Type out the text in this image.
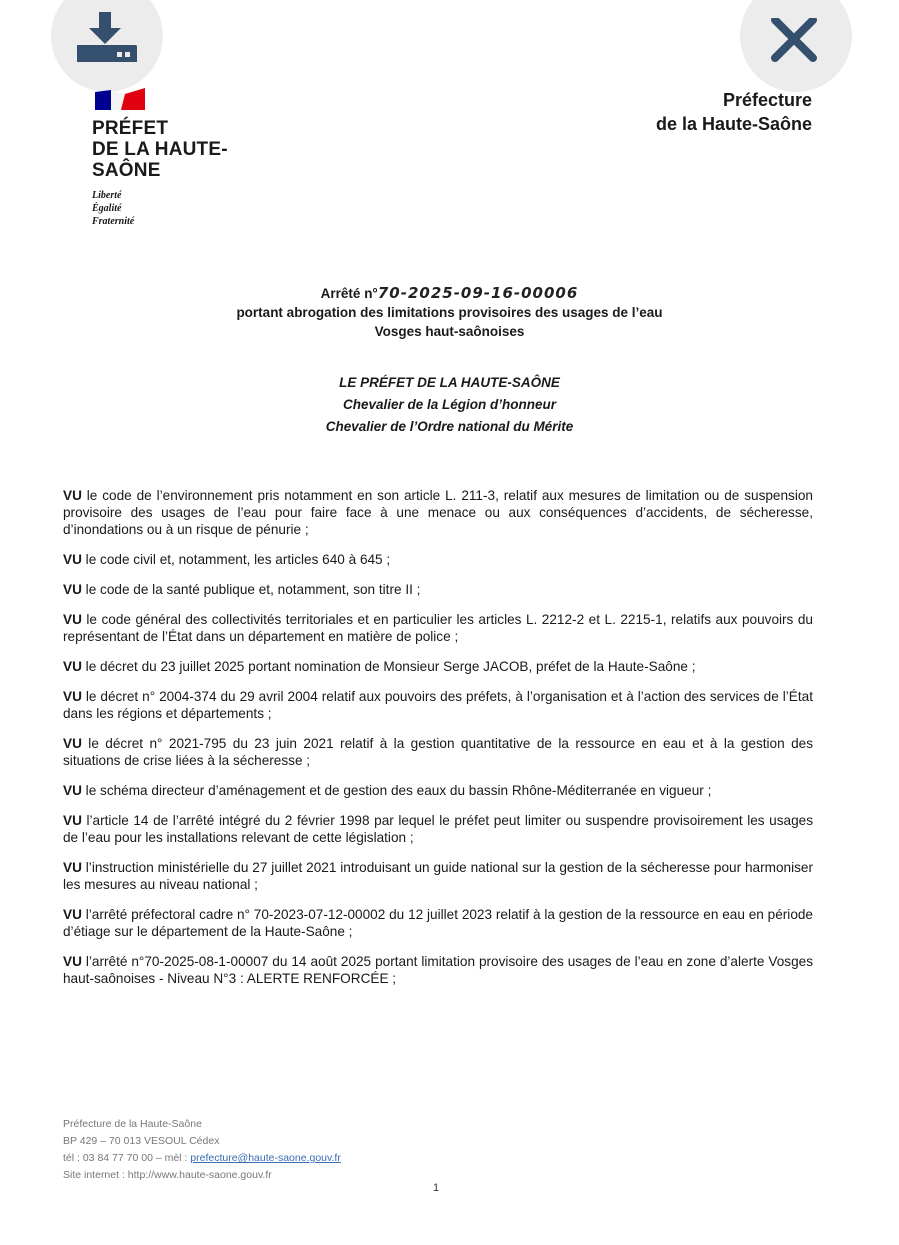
PRÉFET
DE LA HAUTE-
SAÔNE
Liberté
Égalité
Fraternité
Préfecture
de la Haute-Saône
Arrêté n°70-2025-09-16-00006
portant abrogation des limitations provisoires des usages de l’eau
Vosges haut-saônoises
LE PRÉFET DE LA HAUTE-SAÔNE
Chevalier de la Légion d’honneur
Chevalier de l’Ordre national du Mérite

VU le code de l’environnement pris notamment en son article L. 211-3, relatif aux mesures de limitation ou de suspension provisoire des usages de l’eau pour faire face à une menace ou aux conséquences d’accidents, de sécheresse, d’inondations ou à un risque de pénurie ;

VU le code civil et, notamment, les articles 640 à 645 ;

VU le code de la santé publique et, notamment, son titre II ;

VU le code général des collectivités territoriales et en particulier les articles L. 2212-2 et L. 2215-1, relatifs aux pouvoirs du représentant de l’État dans un département en matière de police ;

VU le décret du 23 juillet 2025 portant nomination de Monsieur Serge JACOB, préfet de la Haute-Saône ;

VU le décret n° 2004-374 du 29 avril 2004 relatif aux pouvoirs des préfets, à l’organisation et à l’action des services de l’État dans les régions et départements ;

VU le décret n° 2021-795 du 23 juin 2021 relatif à la gestion quantitative de la ressource en eau et à la gestion des situations de crise liées à la sécheresse ;

VU le schéma directeur d’aménagement et de gestion des eaux du bassin Rhône-Méditerranée en vigueur ;

VU l’article 14 de l’arrêté intégré du 2 février 1998 par lequel le préfet peut limiter ou suspendre provisoirement les usages de l’eau pour les installations relevant de cette législation ;

VU l’instruction ministérielle du 27 juillet 2021 introduisant un guide national sur la gestion de la sécheresse pour harmoniser les mesures au niveau national ;

VU l’arrêté préfectoral cadre n° 70-2023-07-12-00002 du 12 juillet 2023 relatif à la gestion de la ressource en eau en période d’étiage sur le département de la Haute-Saône ;

VU l’arrêté n°70-2025-08-1-00007 du 14 août 2025 portant limitation provisoire des usages de l’eau en zone d’alerte Vosges haut-saônoises - Niveau N°3 : ALERTE RENFORCÉE ;

Préfecture de la Haute-Saône
BP 429 – 70 013 VESOUL Cédex
tél : 03 84 77 70 00 – mèl : prefecture@haute-saone.gouv.fr
Site internet : http://www.haute-saone.gouv.fr
1
